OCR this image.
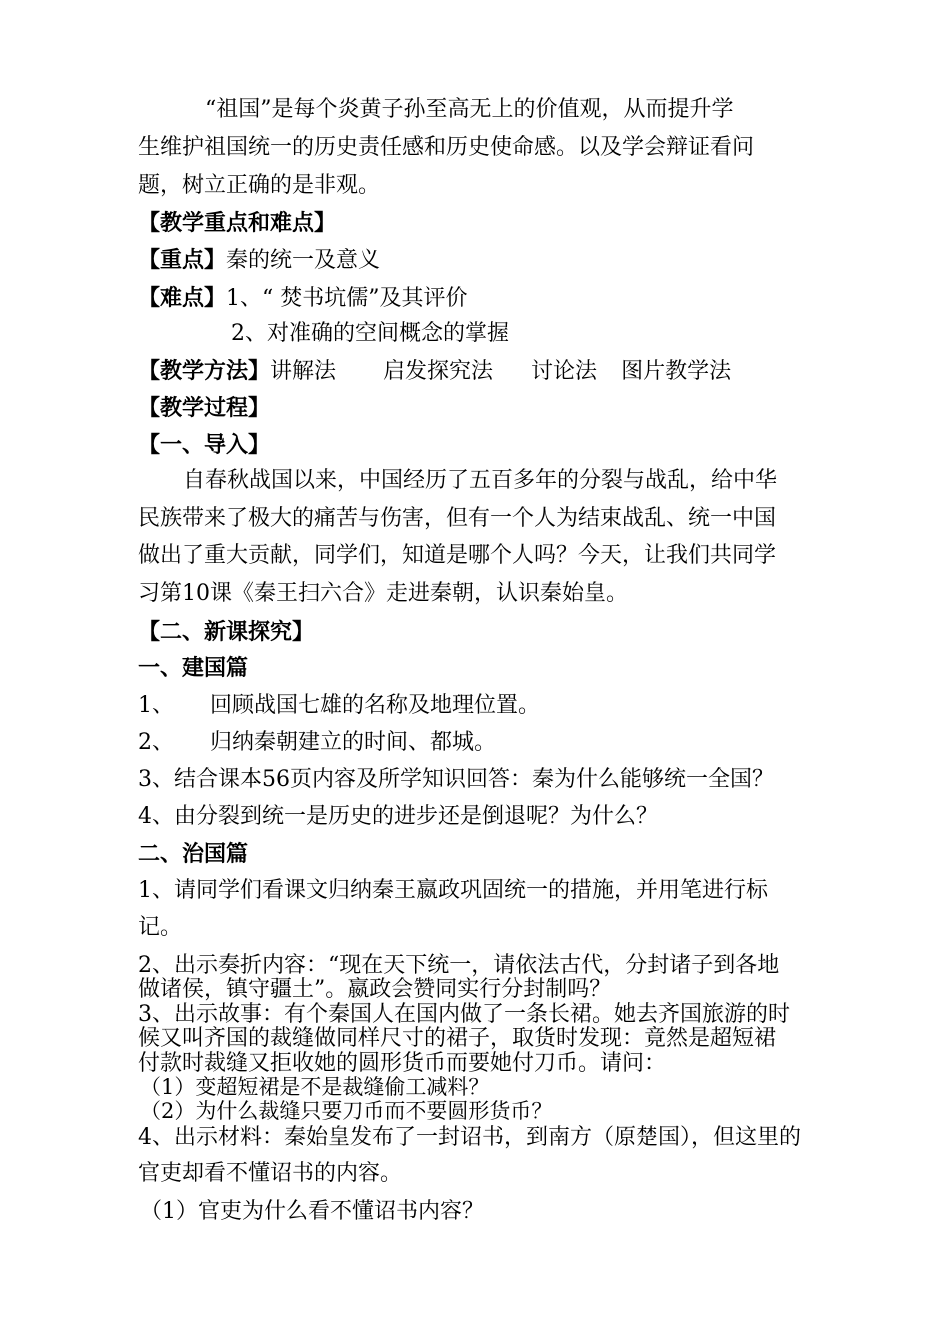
“祖国”是每个炎黄子孙至高无上的价值观，从而提升学
生维护祖国统一的历史责任感和历史使命感。以及学会辩证看问
题，树立正确的是非观。
【教学重点和难点】
【重点】秦的统一及意义
【难点】1、“ 焚书坑儒”及其评价
2、对准确的空间概念的掌握
【教学方法】讲解法 启发探究法 讨论法 图片教学法
【教学过程】
【一、导入】
自春秋战国以来，中国经历了五百多年的分裂与战乱，给中华
民族带来了极大的痛苦与伤害，但有一个人为结束战乱、统一中国
做出了重大贡献，同学们，知道是哪个人吗？今天，让我们共同学
习第10课《秦王扫六合》走进秦朝，认识秦始皇。
【二、新课探究】
一、建国篇
1、 回顾战国七雄的名称及地理位置。
2、 归纳秦朝建立的时间、都城。
3、结合课本56页内容及所学知识回答：秦为什么能够统一全国？
4、由分裂到统一是历史的进步还是倒退呢？为什么？
二、治国篇
1、请同学们看课文归纳秦王嬴政巩固统一的措施，并用笔进行标
记。
2、出示奏折内容：“现在天下统一，请依法古代，分封诸子到各地
做诸侯，镇守疆土”。嬴政会赞同实行分封制吗？
3、出示故事：有个秦国人在国内做了一条长裙。她去齐国旅游的时
候又叫齐国的裁缝做同样尺寸的裙子，取货时发现：竟然是超短裙
付款时裁缝又拒收她的圆形货币而要她付刀币。请问：
（1）变超短裙是不是裁缝偷工减料？
（2）为什么裁缝只要刀币而不要圆形货币？
4、出示材料：秦始皇发布了一封诏书，到南方（原楚国），但这里的
官吏却看不懂诏书的内容。
（1）官吏为什么看不懂诏书内容？
